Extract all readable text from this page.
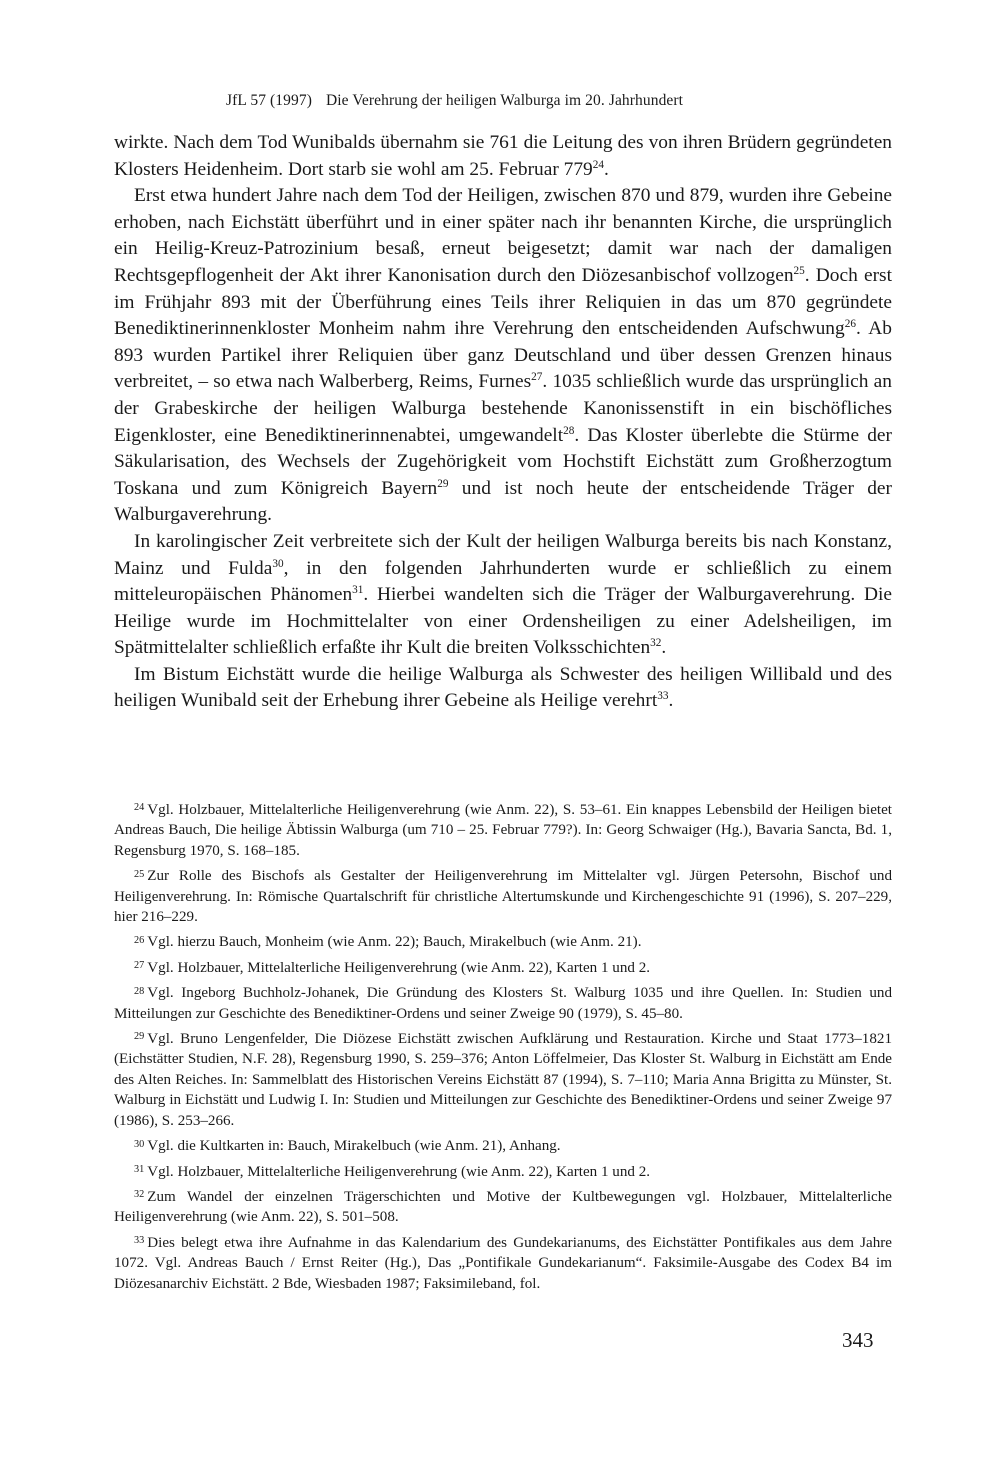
JfL 57 (1997) Die Verehrung der heiligen Walburga im 20. Jahrhundert

wirkte. Nach dem Tod Wunibalds übernahm sie 761 die Leitung des von ihren Brüdern gegründeten Klosters Heidenheim. Dort starb sie wohl am 25. Februar $779^{24}$.

Erst etwa hundert Jahre nach dem Tod der Heiligen, zwischen 870 und 879, wurden ihre Gebeine erhoben, nach Eichstätt überführt und in einer später nach ihr benannten Kirche, die ursprünglich ein Heilig-Kreuz-Patrozinium besaß, erneut beigesetzt; damit war nach der damaligen Rechtsgepflogenheit der Akt ihrer Kanonisation durch den Diözesanbischof vollzogen$^{25}$. Doch erst im Frühjahr 893 mit der Überführung eines Teils ihrer Reliquien in das um 870 gegründete Benediktinerinnenkloster Monheim nahm ihre Verehrung den entscheidenden Aufschwung$^{26}$. Ab 893 wurden Partikel ihrer Reliquien über ganz Deutschland und über dessen Grenzen hinaus verbreitet, – so etwa nach Walberberg, Reims, Furnes$^{27}$. 1035 schließlich wurde das ursprünglich an der Grabeskirche der heiligen Walburga bestehende Kanonissenstift in ein bischöfliches Eigenkloster, eine Benediktinerinnenabtei, umgewandelt$^{28}$. Das Kloster überlebte die Stürme der Säkularisation, des Wechsels der Zugehörigkeit vom Hochstift Eichstätt zum Großherzogtum Toskana und zum Königreich Bayern$^{29}$ und ist noch heute der entscheidende Träger der Walburgaverehrung.

In karolingischer Zeit verbreitete sich der Kult der heiligen Walburga bereits bis nach Konstanz, Mainz und Fulda$^{30}$, in den folgenden Jahrhunderten wurde er schließlich zu einem mitteleuropäischen Phänomen$^{31}$. Hierbei wandelten sich die Träger der Walburgaverehrung. Die Heilige wurde im Hochmittelalter von einer Ordensheiligen zu einer Adelsheiligen, im Spätmittelalter schließlich erfaßte ihr Kult die breiten Volksschichten$^{32}$.

Im Bistum Eichstätt wurde die heilige Walburga als Schwester des heiligen Willibald und des heiligen Wunibald seit der Erhebung ihrer Gebeine als Heilige verehrt$^{33}$.

$^{24}$ Vgl. Holzbauer, Mittelalterliche Heiligenverehrung (wie Anm. 22), S. 53–61. Ein knappes Lebensbild der Heiligen bietet Andreas Bauch, Die heilige Äbtissin Walburga (um 710 – 25. Februar 779?). In: Georg Schwaiger (Hg.), Bavaria Sancta, Bd. 1, Regensburg 1970, S. 168–185.

$^{25}$ Zur Rolle des Bischofs als Gestalter der Heiligenverehrung im Mittelalter vgl. Jürgen Petersohn, Bischof und Heiligenverehrung. In: Römische Quartalschrift für christliche Altertumskunde und Kirchengeschichte 91 (1996), S. 207–229, hier 216–229.

$^{26}$ Vgl. hierzu Bauch, Monheim (wie Anm. 22); Bauch, Mirakelbuch (wie Anm. 21).

$^{27}$ Vgl. Holzbauer, Mittelalterliche Heiligenverehrung (wie Anm. 22), Karten 1 und 2.

$^{28}$ Vgl. Ingeborg Buchholz-Johanek, Die Gründung des Klosters St. Walburg 1035 und ihre Quellen. In: Studien und Mitteilungen zur Geschichte des Benediktiner-Ordens und seiner Zweige 90 (1979), S. 45–80.

$^{29}$ Vgl. Bruno Lengenfelder, Die Diözese Eichstätt zwischen Aufklärung und Restauration. Kirche und Staat 1773–1821 (Eichstätter Studien, N.F. 28), Regensburg 1990, S. 259–376; Anton Löffelmeier, Das Kloster St. Walburg in Eichstätt am Ende des Alten Reiches. In: Sammelblatt des Historischen Vereins Eichstätt 87 (1994), S. 7–110; Maria Anna Brigitta zu Münster, St. Walburg in Eichstätt und Ludwig I. In: Studien und Mitteilungen zur Geschichte des Benediktiner-Ordens und seiner Zweige 97 (1986), S. 253–266.

$^{30}$ Vgl. die Kultkarten in: Bauch, Mirakelbuch (wie Anm. 21), Anhang.

$^{31}$ Vgl. Holzbauer, Mittelalterliche Heiligenverehrung (wie Anm. 22), Karten 1 und 2.

$^{32}$ Zum Wandel der einzelnen Trägerschichten und Motive der Kultbewegungen vgl. Holzbauer, Mittelalterliche Heiligenverehrung (wie Anm. 22), S. 501–508.

$^{33}$ Dies belegt etwa ihre Aufnahme in das Kalendarium des Gundekarianums, des Eichstätter Pontifikales aus dem Jahre 1072. Vgl. Andreas Bauch / Ernst Reiter (Hg.), Das „Pontifikale Gundekarianum“. Faksimile-Ausgabe des Codex B4 im Diözesanarchiv Eichstätt. 2 Bde, Wiesbaden 1987; Faksimileband, fol.

343
